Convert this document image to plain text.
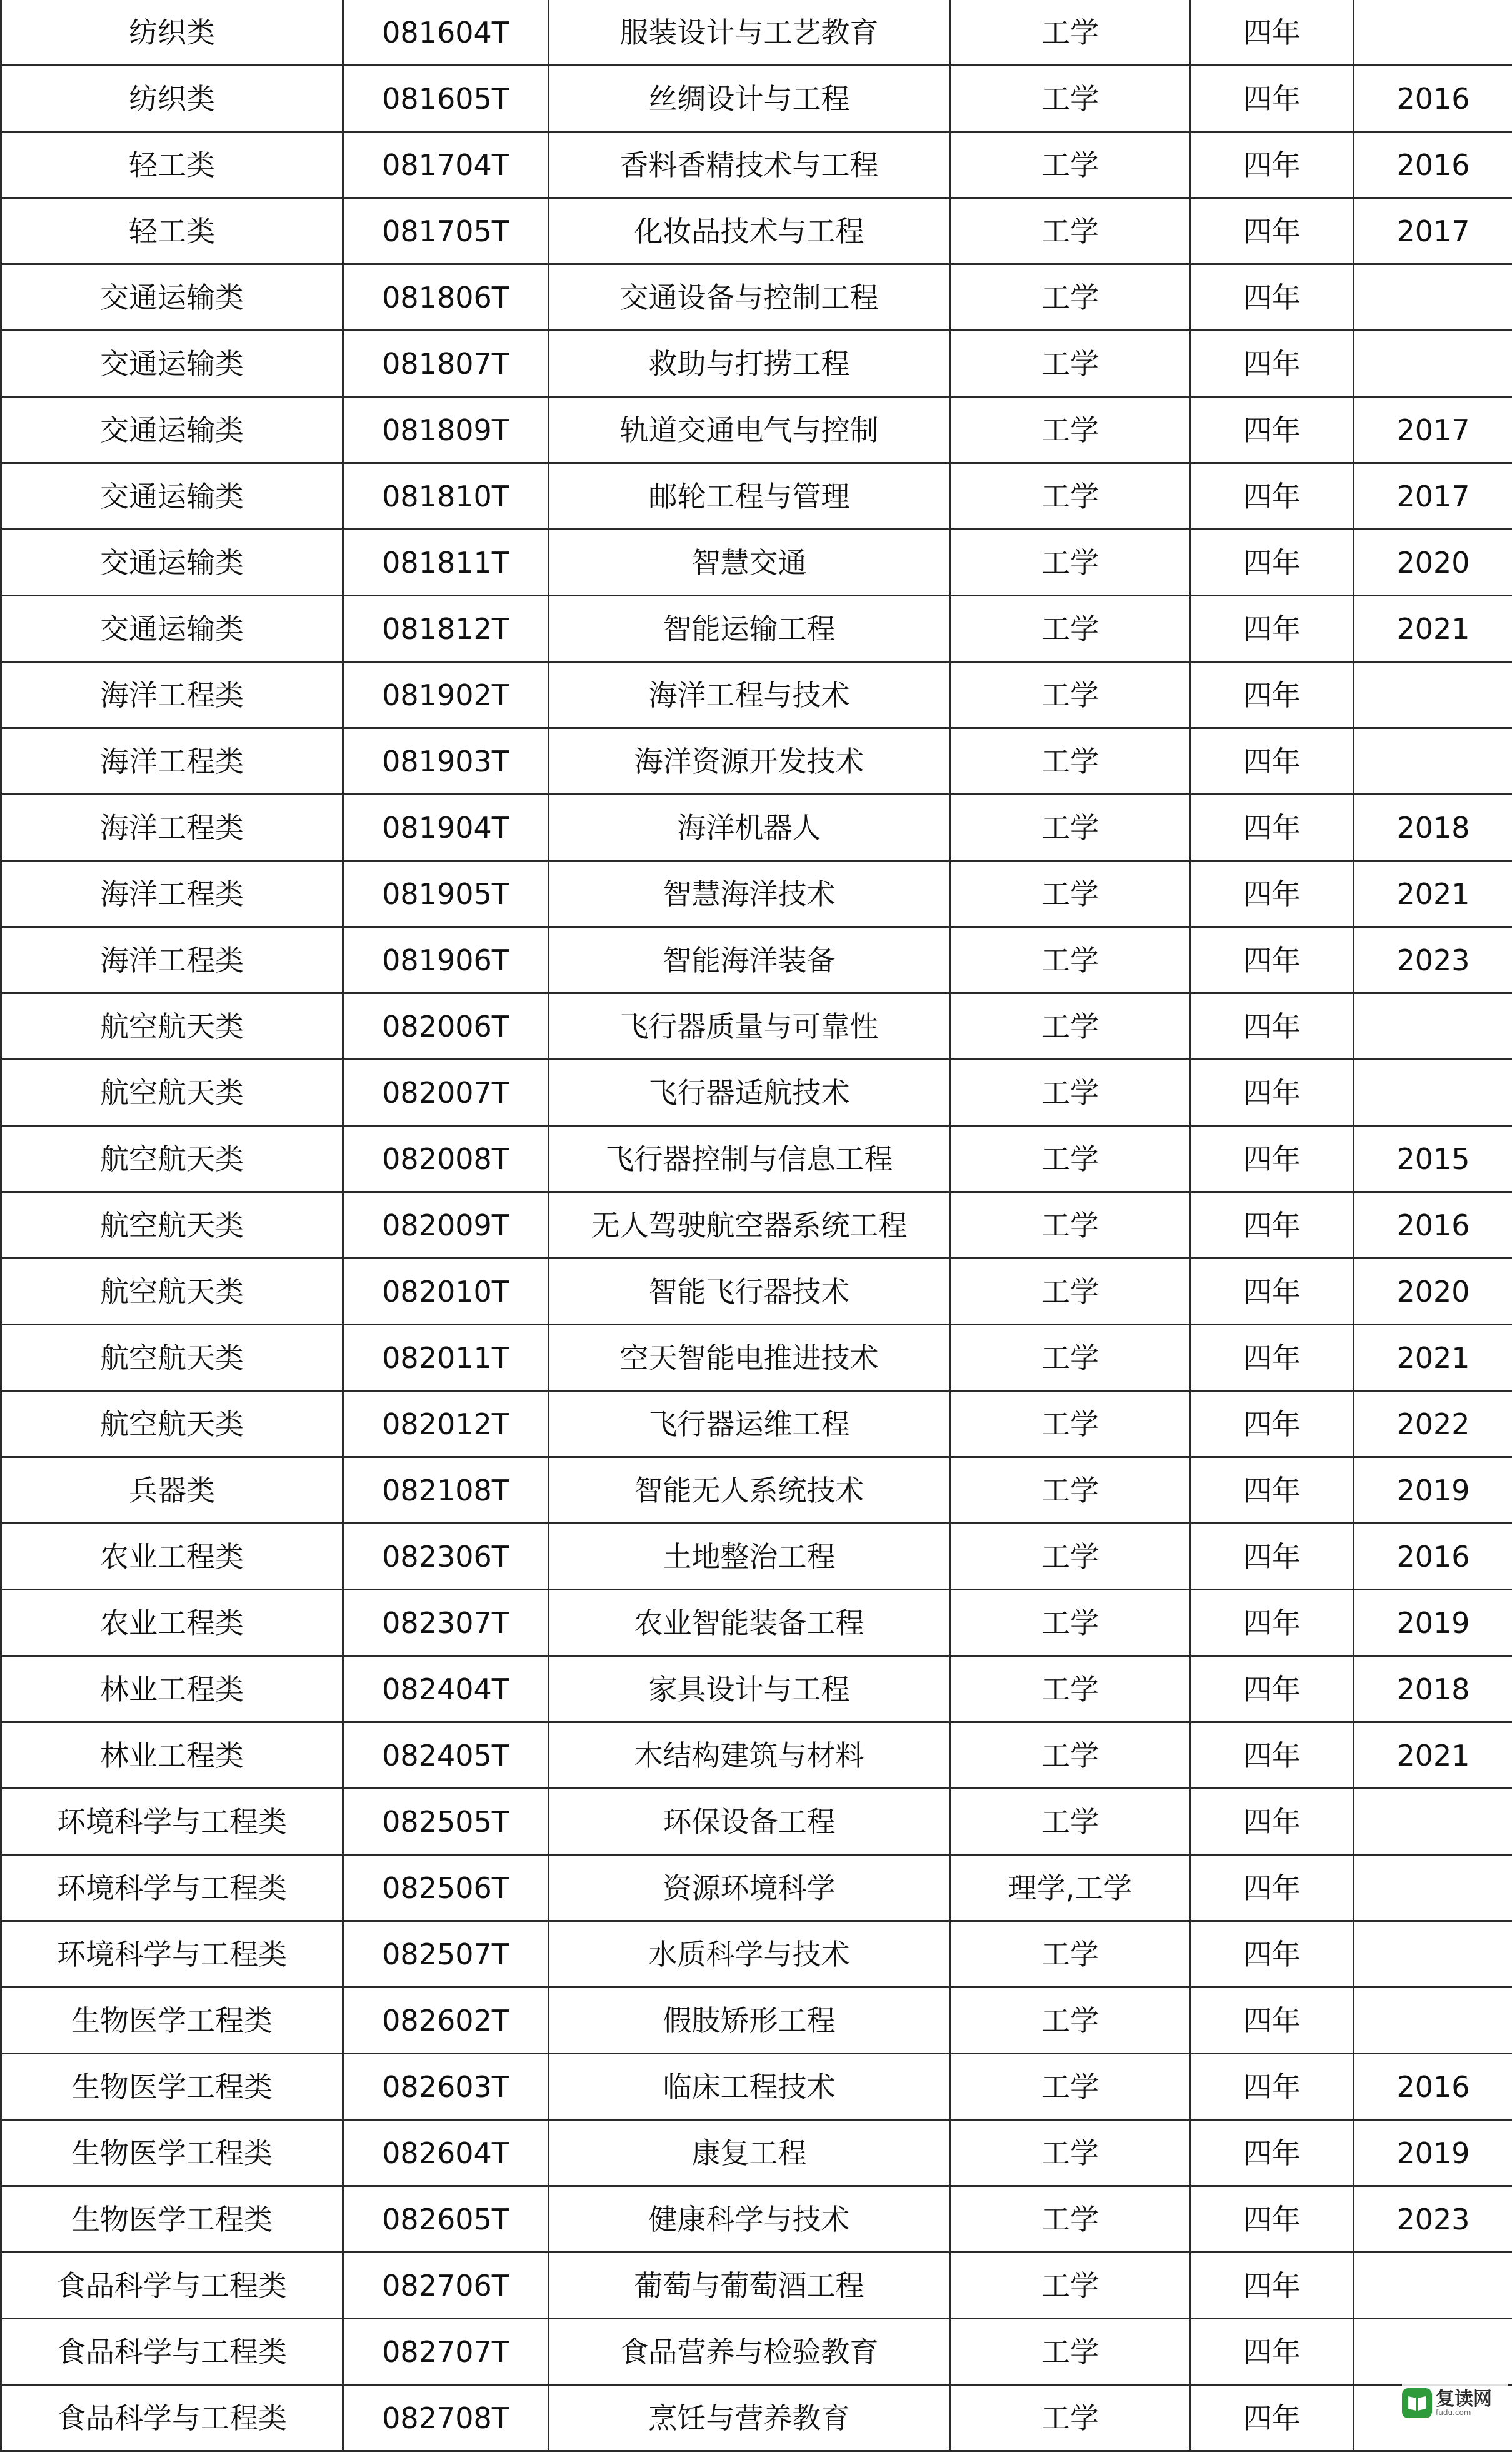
纺织类	081604T	服装设计与工艺教育	工学	四年	
纺织类	081605T	丝绸设计与工程	工学	四年	2016
轻工类	081704T	香料香精技术与工程	工学	四年	2016
轻工类	081705T	化妆品技术与工程	工学	四年	2017
交通运输类	081806T	交通设备与控制工程	工学	四年	
交通运输类	081807T	救助与打捞工程	工学	四年	
交通运输类	081809T	轨道交通电气与控制	工学	四年	2017
交通运输类	081810T	邮轮工程与管理	工学	四年	2017
交通运输类	081811T	智慧交通	工学	四年	2020
交通运输类	081812T	智能运输工程	工学	四年	2021
海洋工程类	081902T	海洋工程与技术	工学	四年	
海洋工程类	081903T	海洋资源开发技术	工学	四年	
海洋工程类	081904T	海洋机器人	工学	四年	2018
海洋工程类	081905T	智慧海洋技术	工学	四年	2021
海洋工程类	081906T	智能海洋装备	工学	四年	2023
航空航天类	082006T	飞行器质量与可靠性	工学	四年	
航空航天类	082007T	飞行器适航技术	工学	四年	
航空航天类	082008T	飞行器控制与信息工程	工学	四年	2015
航空航天类	082009T	无人驾驶航空器系统工程	工学	四年	2016
航空航天类	082010T	智能飞行器技术	工学	四年	2020
航空航天类	082011T	空天智能电推进技术	工学	四年	2021
航空航天类	082012T	飞行器运维工程	工学	四年	2022
兵器类	082108T	智能无人系统技术	工学	四年	2019
农业工程类	082306T	土地整治工程	工学	四年	2016
农业工程类	082307T	农业智能装备工程	工学	四年	2019
林业工程类	082404T	家具设计与工程	工学	四年	2018
林业工程类	082405T	木结构建筑与材料	工学	四年	2021
环境科学与工程类	082505T	环保设备工程	工学	四年	
环境科学与工程类	082506T	资源环境科学	理学,工学	四年	
环境科学与工程类	082507T	水质科学与技术	工学	四年	
生物医学工程类	082602T	假肢矫形工程	工学	四年	
生物医学工程类	082603T	临床工程技术	工学	四年	2016
生物医学工程类	082604T	康复工程	工学	四年	2019
生物医学工程类	082605T	健康科学与技术	工学	四年	2023
食品科学与工程类	082706T	葡萄与葡萄酒工程	工学	四年	
食品科学与工程类	082707T	食品营养与检验教育	工学	四年	
食品科学与工程类	082708T	烹饪与营养教育	工学	四年	
复读网
fudu.com
